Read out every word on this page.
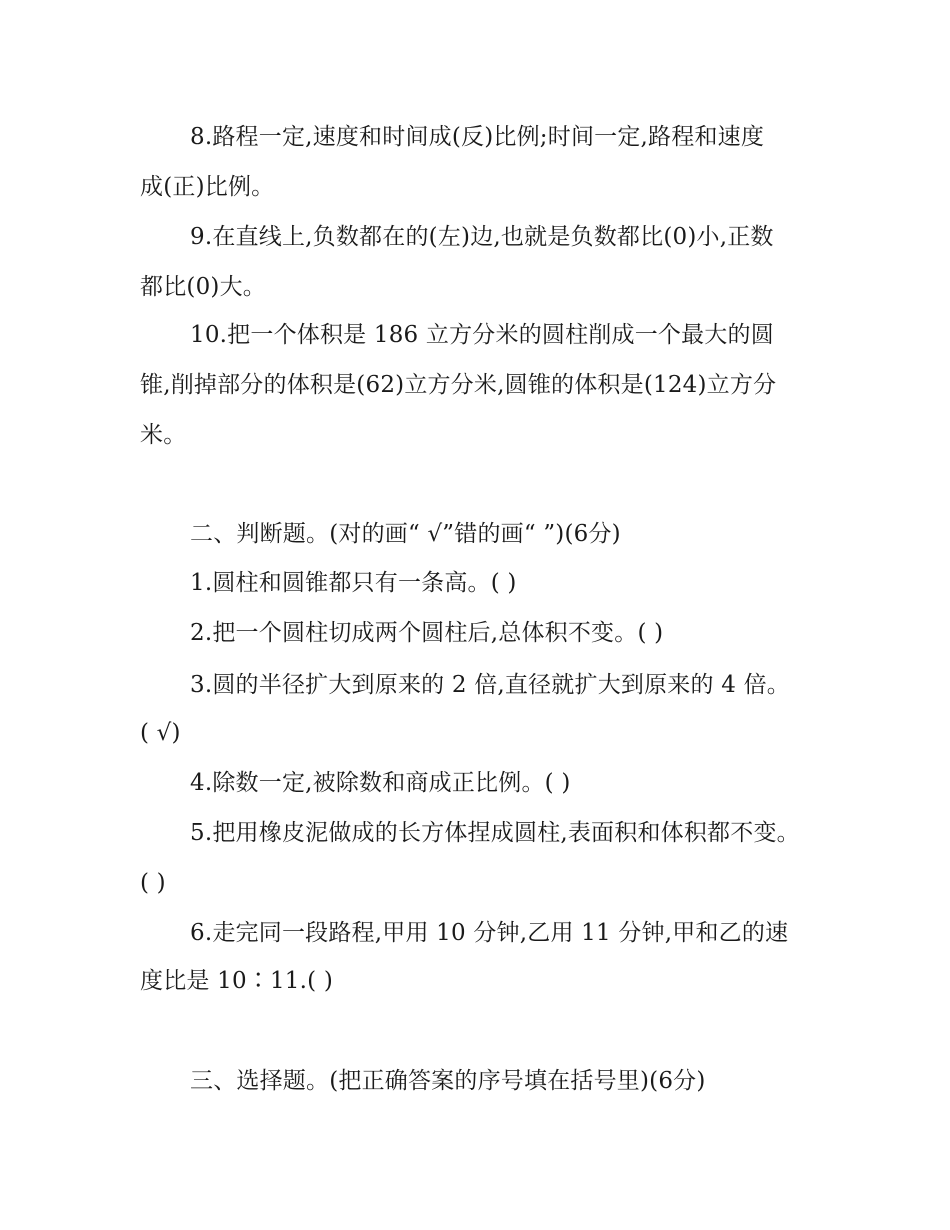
8.路程一定,速度和时间成(反)比例;时间一定,路程和速度
成(正)比例。
9.在直线上,负数都在的(左)边,也就是负数都比(0)小,正数
都比(0)大。
10.把一个体积是 186 立方分米的圆柱削成一个最大的圆
锥,削掉部分的体积是(62)立方分米,圆锥的体积是(124)立方分
米。
二、判断题。(对的画“ √”错的画“ ”)(6分)
1.圆柱和圆锥都只有一条高。( )
2.把一个圆柱切成两个圆柱后,总体积不变。( )
3.圆的半径扩大到原来的 2 倍,直径就扩大到原来的 4 倍。
( √)
4.除数一定,被除数和商成正比例。( )
5.把用橡皮泥做成的长方体捏成圆柱,表面积和体积都不变。
( )
6.走完同一段路程,甲用 10 分钟,乙用 11 分钟,甲和乙的速
度比是 10∶11.( )
三、选择题。(把正确答案的序号填在括号里)(6分)
